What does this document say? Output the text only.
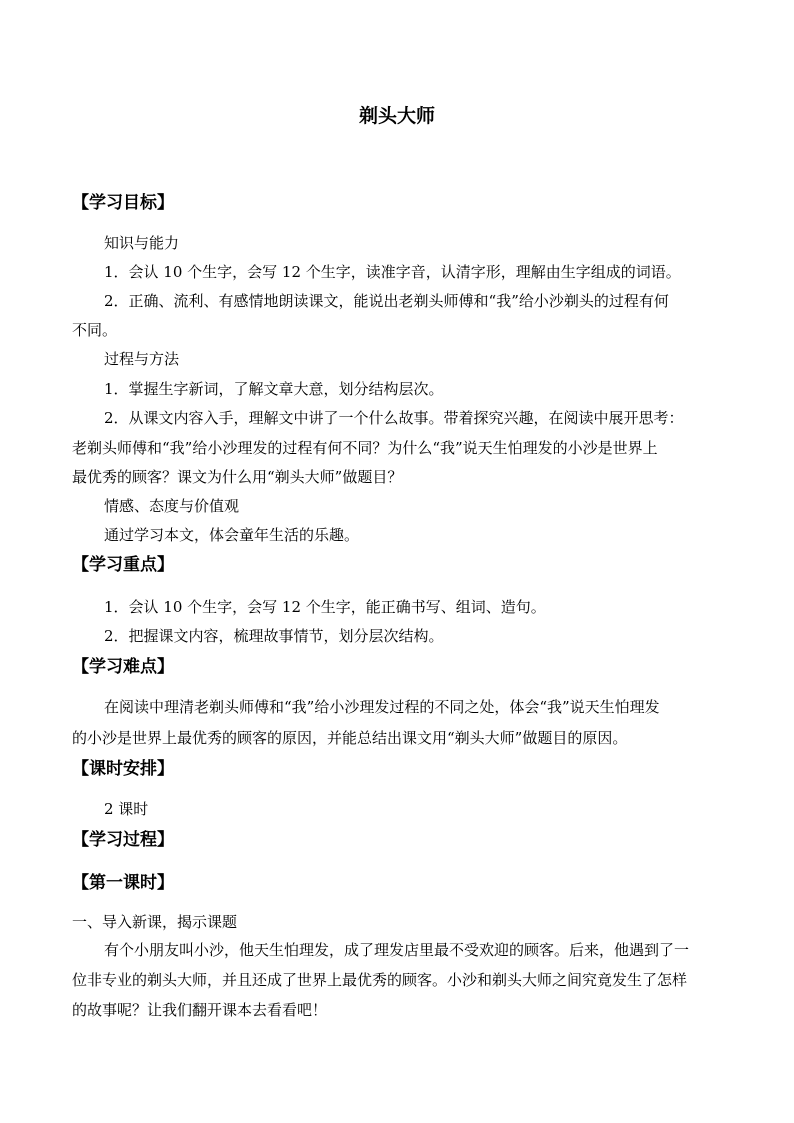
剃头大师
【学习目标】
知识与能力
1．会认 10 个生字，会写 12 个生字，读准字音，认清字形，理解由生字组成的词语。
2．正确、流利、有感情地朗读课文，能说出老剃头师傅和“我”给小沙剃头的过程有何
不同。
过程与方法
1．掌握生字新词，了解文章大意，划分结构层次。
2．从课文内容入手，理解文中讲了一个什么故事。带着探究兴趣，在阅读中展开思考：
老剃头师傅和“我”给小沙理发的过程有何不同？为什么“我”说天生怕理发的小沙是世界上
最优秀的顾客？课文为什么用“剃头大师”做题目？
情感、态度与价值观
通过学习本文，体会童年生活的乐趣。
【学习重点】
1．会认 10 个生字，会写 12 个生字，能正确书写、组词、造句。
2．把握课文内容，梳理故事情节，划分层次结构。
【学习难点】
在阅读中理清老剃头师傅和“我”给小沙理发过程的不同之处，体会“我”说天生怕理发
的小沙是世界上最优秀的顾客的原因，并能总结出课文用“剃头大师”做题目的原因。
【课时安排】
2 课时
【学习过程】
【第一课时】
一、导入新课，揭示课题
有个小朋友叫小沙，他天生怕理发，成了理发店里最不受欢迎的顾客。后来，他遇到了一
位非专业的剃头大师，并且还成了世界上最优秀的顾客。小沙和剃头大师之间究竟发生了怎样
的故事呢？让我们翻开课本去看看吧！
